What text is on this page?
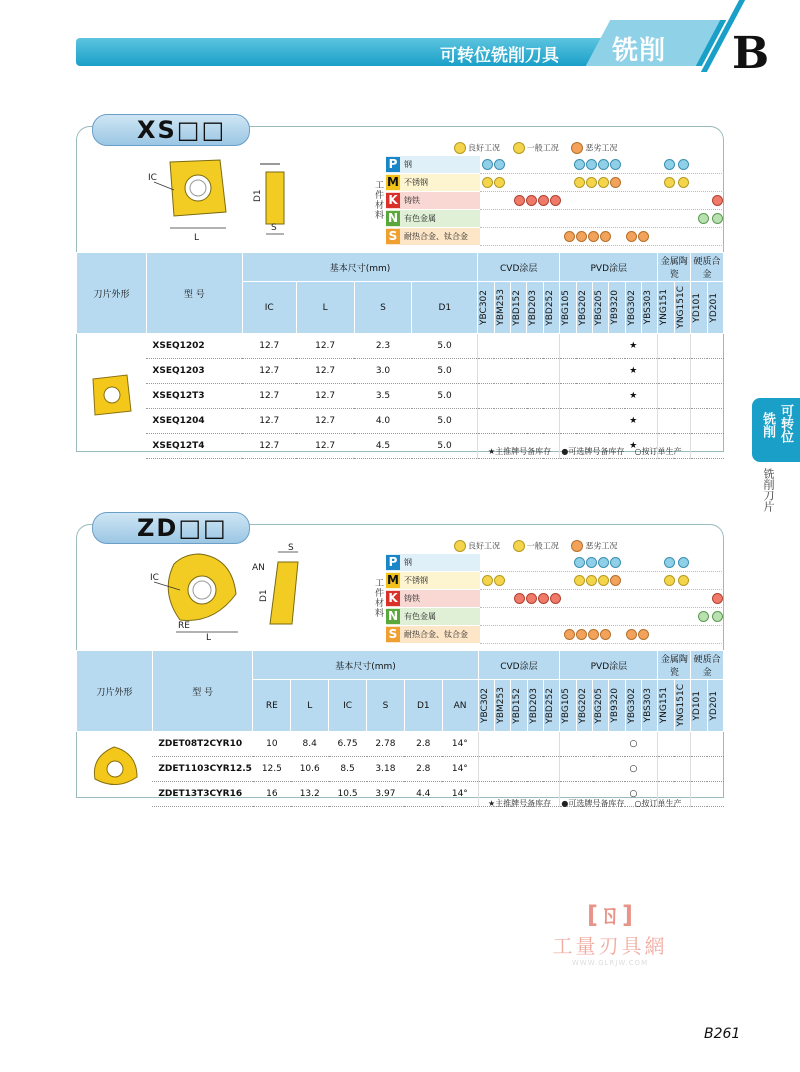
可转位铣削刀具 铣削 B
可转位
铣削
铣削刀片
XS□□
IC
L
D1
S
良好工况	一般工况	恶劣工况
工件材料
P 钢
M 不锈钢
K 铸铁
N 有色金属
S 耐热合金、钛合金
刀片外形	型 号	基本尺寸(mm)				CVD涂层					PVD涂层						金属陶瓷		硬质合金	
		IC	L	S	D1	YBC302	YBM253	YBD152	YBD203	YBD252	YBG105	YBG202	YBG205	YB9320	YBG302	YBS303	YNG151	YNG151C	YD101	YD201

	XSEQ1202	12.7	12.7	2.3	5.0										★					
	XSEQ1203	12.7	12.7	3.0	5.0										★					
	XSEQ12T3	12.7	12.7	3.5	5.0										★					
	XSEQ1204	12.7	12.7	4.0	5.0										★					
	XSEQ12T4	12.7	12.7	4.5	5.0										★					
★主推牌号备库存 ●可选牌号备库存 ○按订单生产
ZD□□
IC
RE
L
S
AN
D1
良好工况	一般工况	恶劣工况
工件材料
P 钢
M 不锈钢
K 铸铁
N 有色金属
S 耐热合金、钛合金
刀片外形	型 号	基本尺寸(mm)						CVD涂层					PVD涂层						金属陶瓷		硬质合金	
		RE	L	IC	S	D1	AN	YBC302	YBM253	YBD152	YBD203	YBD252	YBG105	YBG202	YBG205	YB9320	YBG302	YBS303	YNG151	YNG151C	YD101	YD201

	ZDET08T2CYR10	10	8.4	6.75	2.78	2.8	14°										○					
	ZDET1103CYR12.5	12.5	10.6	8.5	3.18	2.8	14°										○					
	ZDET13T3CYR16	16	13.2	10.5	3.97	4.4	14°										○					
★主推牌号备库存 ●可选牌号备库存 ○按订单生产
[ㄖ]
工量刃具網
WWW.GLRJW.COM
B261
